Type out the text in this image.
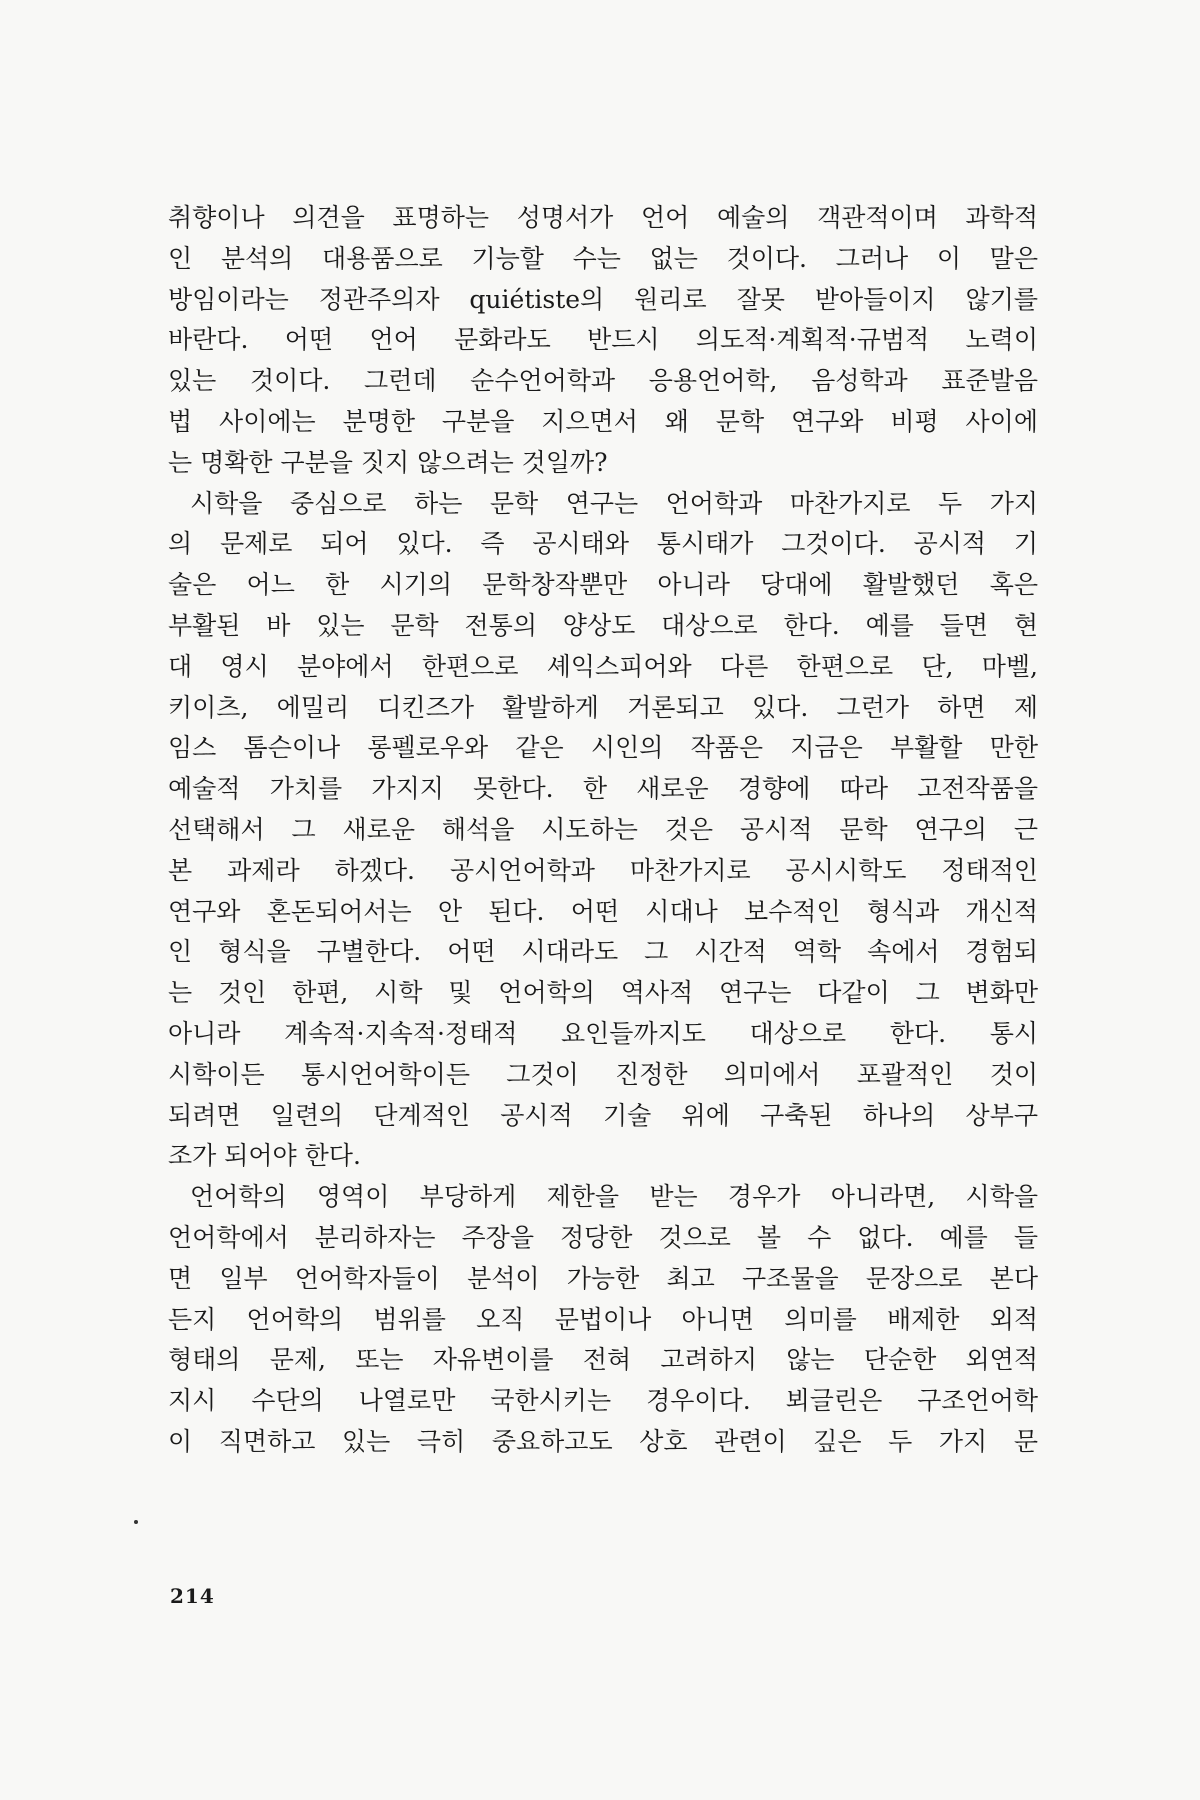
취향이나 의견을 표명하는 성명서가 언어 예술의 객관적이며 과학적
인 분석의 대용품으로 기능할 수는 없는 것이다. 그러나 이 말은
방임이라는 정관주의자 quiétiste의 원리로 잘못 받아들이지 않기를
바란다. 어떤 언어 문화라도 반드시 의도적·계획적·규범적 노력이
있는 것이다. 그런데 순수언어학과 응용언어학, 음성학과 표준발음
법 사이에는 분명한 구분을 지으면서 왜 문학 연구와 비평 사이에
는 명확한 구분을 짓지 않으려는 것일까?
시학을 중심으로 하는 문학 연구는 언어학과 마찬가지로 두 가지
의 문제로 되어 있다. 즉 공시태와 통시태가 그것이다. 공시적 기
술은 어느 한 시기의 문학창작뿐만 아니라 당대에 활발했던 혹은
부활된 바 있는 문학 전통의 양상도 대상으로 한다. 예를 들면 현
대 영시 분야에서 한편으로 셰익스피어와 다른 한편으로 단, 마벨,
키이츠, 에밀리 디킨즈가 활발하게 거론되고 있다. 그런가 하면 제
임스 톰슨이나 롱펠로우와 같은 시인의 작품은 지금은 부활할 만한
예술적 가치를 가지지 못한다. 한 새로운 경향에 따라 고전작품을
선택해서 그 새로운 해석을 시도하는 것은 공시적 문학 연구의 근
본 과제라 하겠다. 공시언어학과 마찬가지로 공시시학도 정태적인
연구와 혼돈되어서는 안 된다. 어떤 시대나 보수적인 형식과 개신적
인 형식을 구별한다. 어떤 시대라도 그 시간적 역학 속에서 경험되
는 것인 한편, 시학 및 언어학의 역사적 연구는 다같이 그 변화만
아니라 계속적·지속적·정태적 요인들까지도 대상으로 한다. 통시
시학이든 통시언어학이든 그것이 진정한 의미에서 포괄적인 것이
되려면 일련의 단계적인 공시적 기술 위에 구축된 하나의 상부구
조가 되어야 한다.
언어학의 영역이 부당하게 제한을 받는 경우가 아니라면, 시학을
언어학에서 분리하자는 주장을 정당한 것으로 볼 수 없다. 예를 들
면 일부 언어학자들이 분석이 가능한 최고 구조물을 문장으로 본다
든지 언어학의 범위를 오직 문법이나 아니면 의미를 배제한 외적
형태의 문제, 또는 자유변이를 전혀 고려하지 않는 단순한 외연적
지시 수단의 나열로만 국한시키는 경우이다. 뵈글린은 구조언어학
이 직면하고 있는 극히 중요하고도 상호 관련이 깊은 두 가지 문
214
